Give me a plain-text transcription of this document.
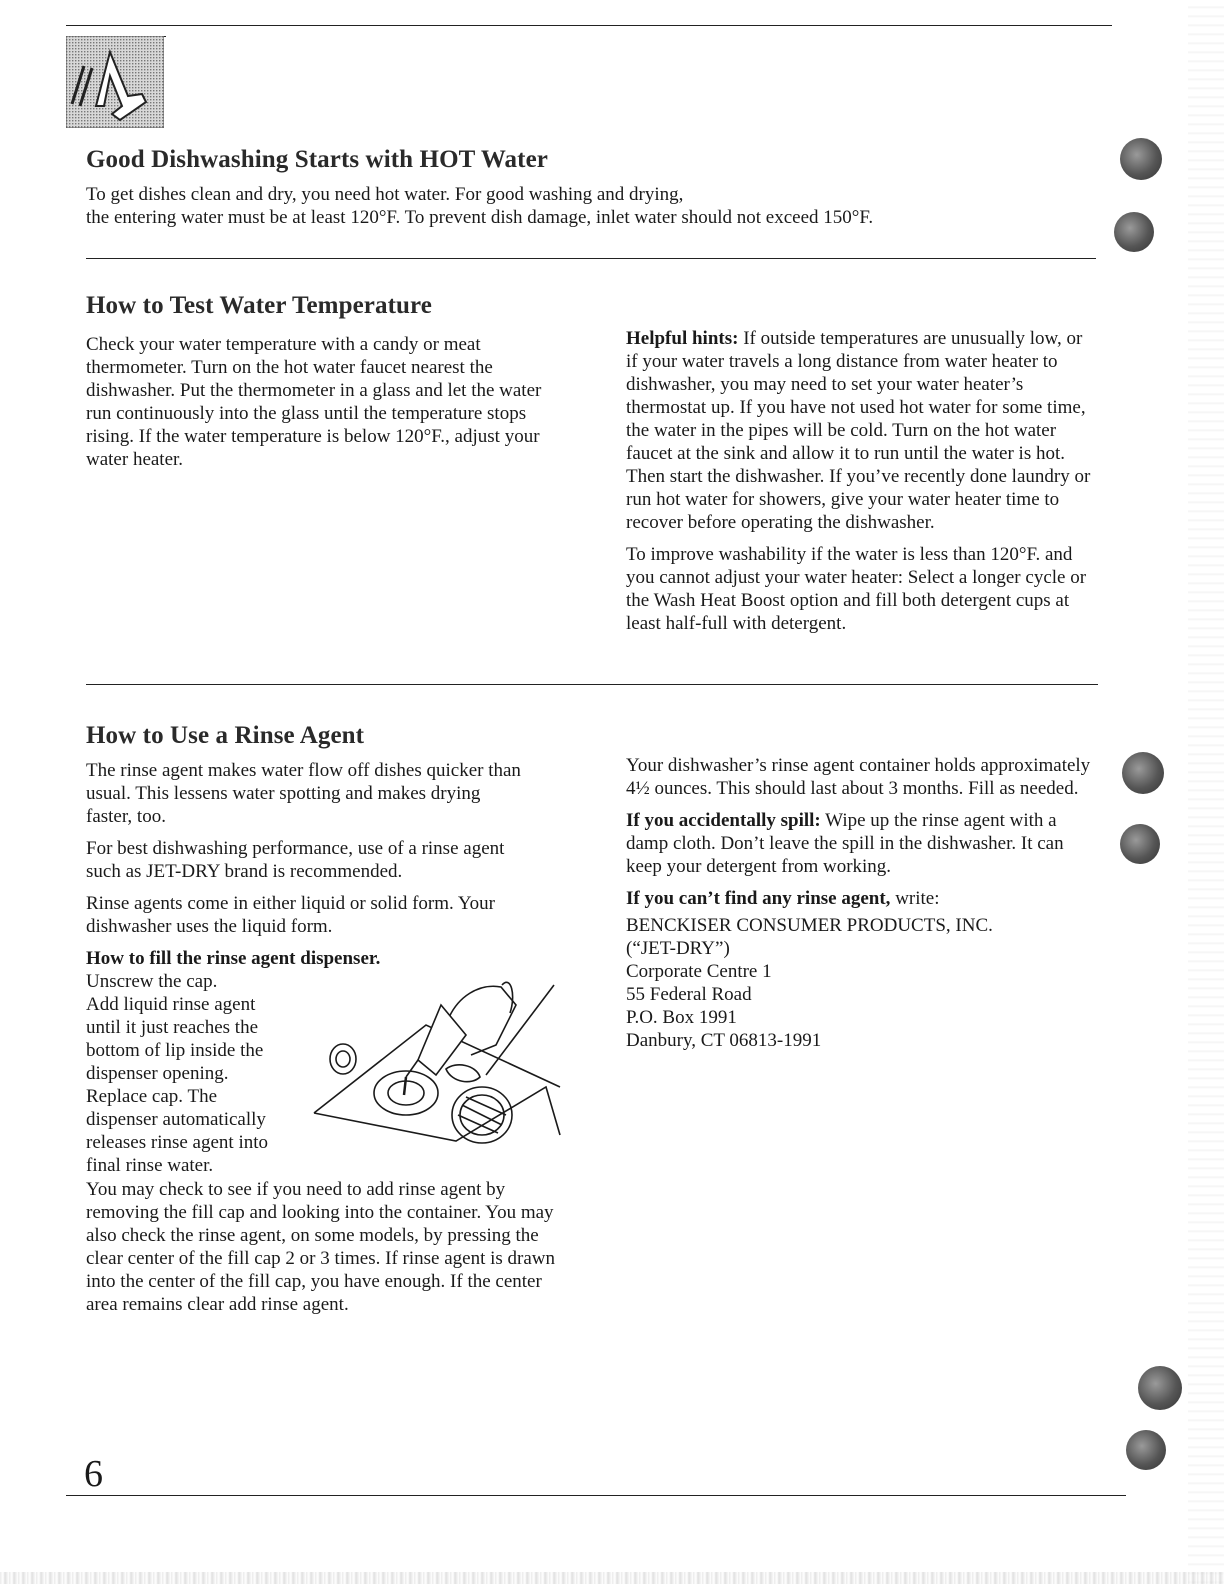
Good Dishwashing Starts with HOT Water
To get dishes clean and dry, you need hot water. For good washing and drying,
the entering water must be at least 120°F. To prevent dish damage, inlet water should not exceed 150°F.
How to Test Water Temperature

Check your water temperature with a candy or meat thermometer. Turn on the hot water faucet nearest the dishwasher. Put the thermometer in a glass and let the water run continuously into the glass until the temperature stops rising. If the water temperature is below 120°F., adjust your water heater.

Helpful hints: If outside temperatures are unusually low, or if your water travels a long distance from water heater to dishwasher, you may need to set your water heater’s thermostat up. If you have not used hot water for some time, the water in the pipes will be cold. Turn on the hot water faucet at the sink and allow it to run until the water is hot. Then start the dishwasher. If you’ve recently done laundry or run hot water for showers, give your water heater time to recover before operating the dishwasher.

To improve washability if the water is less than 120°F. and you cannot adjust your water heater: Select a longer cycle or the Wash Heat Boost option and fill both detergent cups at least half-full with detergent.

How to Use a Rinse Agent

The rinse agent makes water flow off dishes quicker than usual. This lessens water spotting and makes drying faster, too.

For best dishwashing performance, use of a rinse agent such as JET-DRY brand is recommended.

Rinse agents come in either liquid or solid form. Your dishwasher uses the liquid form.

How to fill the rinse agent dispenser.
Unscrew the cap.
Add liquid rinse agent
until it just reaches the
bottom of lip inside the
dispenser opening.
Replace cap. The
dispenser automatically
releases rinse agent into
final rinse water.

You may check to see if you need to add rinse agent by removing the fill cap and looking into the container. You may also check the rinse agent, on some models, by pressing the clear center of the fill cap 2 or 3 times. If rinse agent is drawn into the center of the fill cap, you have enough. If the center area remains clear add rinse agent.

Your dishwasher’s rinse agent container holds approximately 4½ ounces. This should last about 3 months. Fill as needed.

If you accidentally spill: Wipe up the rinse agent with a damp cloth. Don’t leave the spill in the dishwasher. It can keep your detergent from working.

If you can’t find any rinse agent, write:

BENCKISER CONSUMER PRODUCTS, INC.
(“JET-DRY”)
Corporate Centre 1
55 Federal Road
P.O. Box 1991
Danbury, CT 06813-1991
6
